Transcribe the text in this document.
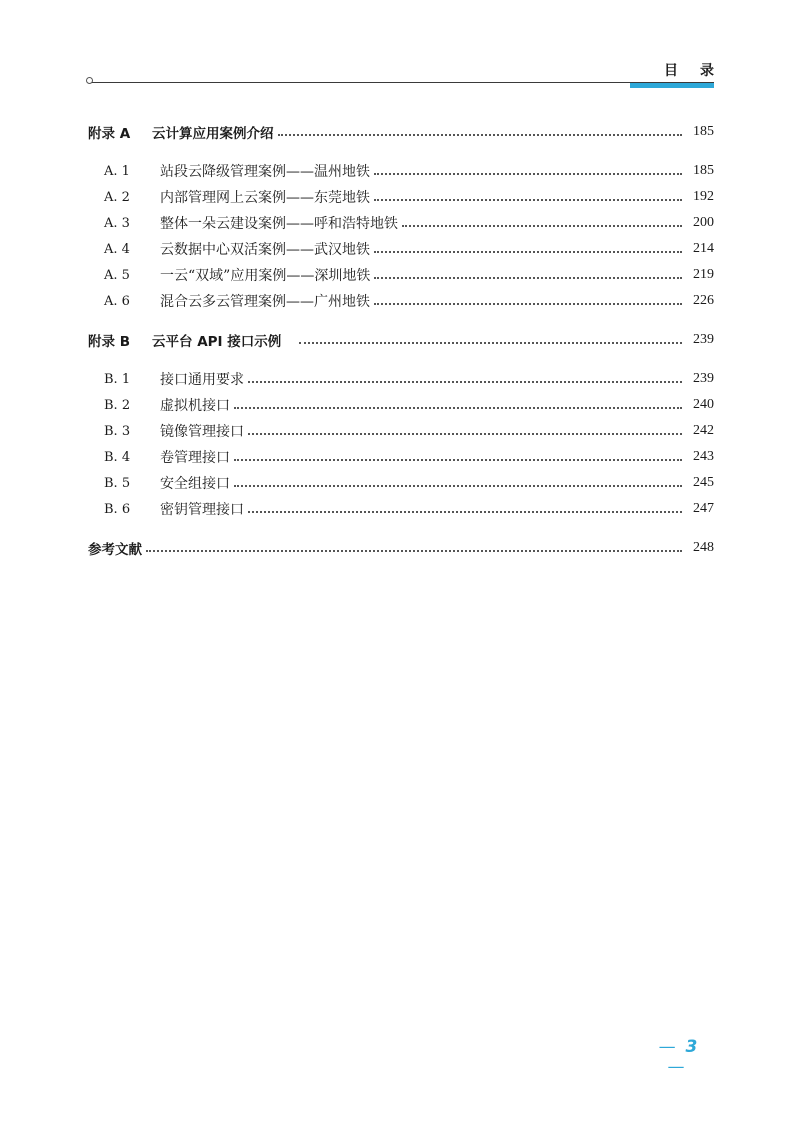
目录
附录 A	云计算应用案例介绍	185
A. 1	站段云降级管理案例——温州地铁	185
A. 2	内部管理网上云案例——东莞地铁	192
A. 3	整体一朵云建设案例——呼和浩特地铁	200
A. 4	云数据中心双活案例——武汉地铁	214
A. 5	一云“双域”应用案例——深圳地铁	219
A. 6	混合云多云管理案例——广州地铁	226
附录 B	云平台 API 接口示例	239
B. 1	接口通用要求	239
B. 2	虚拟机接口	240
B. 3	镜像管理接口	242
B. 4	卷管理接口	243
B. 5	安全组接口	245
B. 6	密钥管理接口	247
参考文献	248
— 3 —
